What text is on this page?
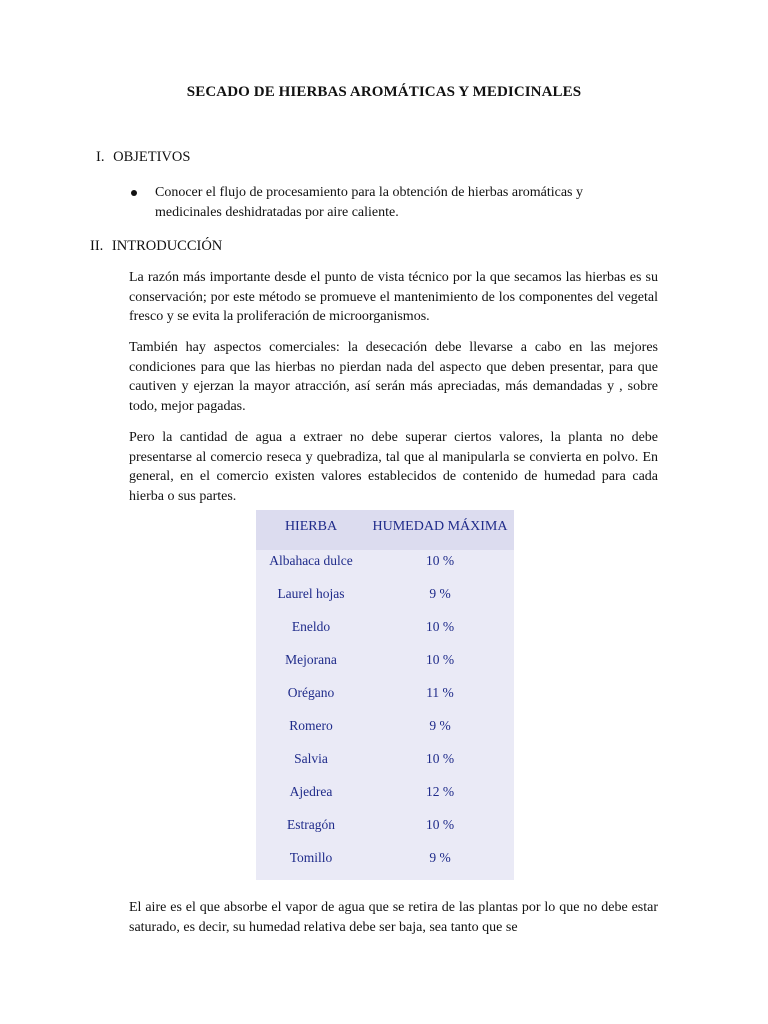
SECADO DE HIERBAS AROMÁTICAS Y MEDICINALES
I. OBJETIVOS
Conocer el flujo de procesamiento para la obtención de hierbas aromáticas y medicinales deshidratadas por aire caliente.
II. INTRODUCCIÓN

La razón más importante desde el punto de vista técnico por la que secamos las hierbas es su conservación; por este método se promueve el mantenimiento de los componentes del vegetal fresco y se evita la proliferación de microorganismos.

También hay aspectos comerciales: la desecación debe llevarse a cabo en las mejores condiciones para que las hierbas no pierdan nada del aspecto que deben presentar, para que cautiven y ejerzan la mayor atracción, así serán más apreciadas, más demandadas y , sobre todo, mejor pagadas.

Pero la cantidad de agua a extraer no debe superar ciertos valores, la planta no debe presentarse al comercio reseca y quebradiza, tal que al manipularla se convierta en polvo. En general, en el comercio existen valores establecidos de contenido de humedad para cada hierba o sus partes.

HIERBA	HUMEDAD MÁXIMA
Albahaca dulce	10 %
Laurel hojas	9 %
Eneldo	10 %
Mejorana	10 %
Orégano	11 %
Romero	9 %
Salvia	10 %
Ajedrea	12 %
Estragón	10 %
Tomillo	9 %

El aire es el que absorbe el vapor de agua que se retira de las plantas por lo que no debe estar saturado, es decir, su humedad relativa debe ser baja, sea tanto que se
